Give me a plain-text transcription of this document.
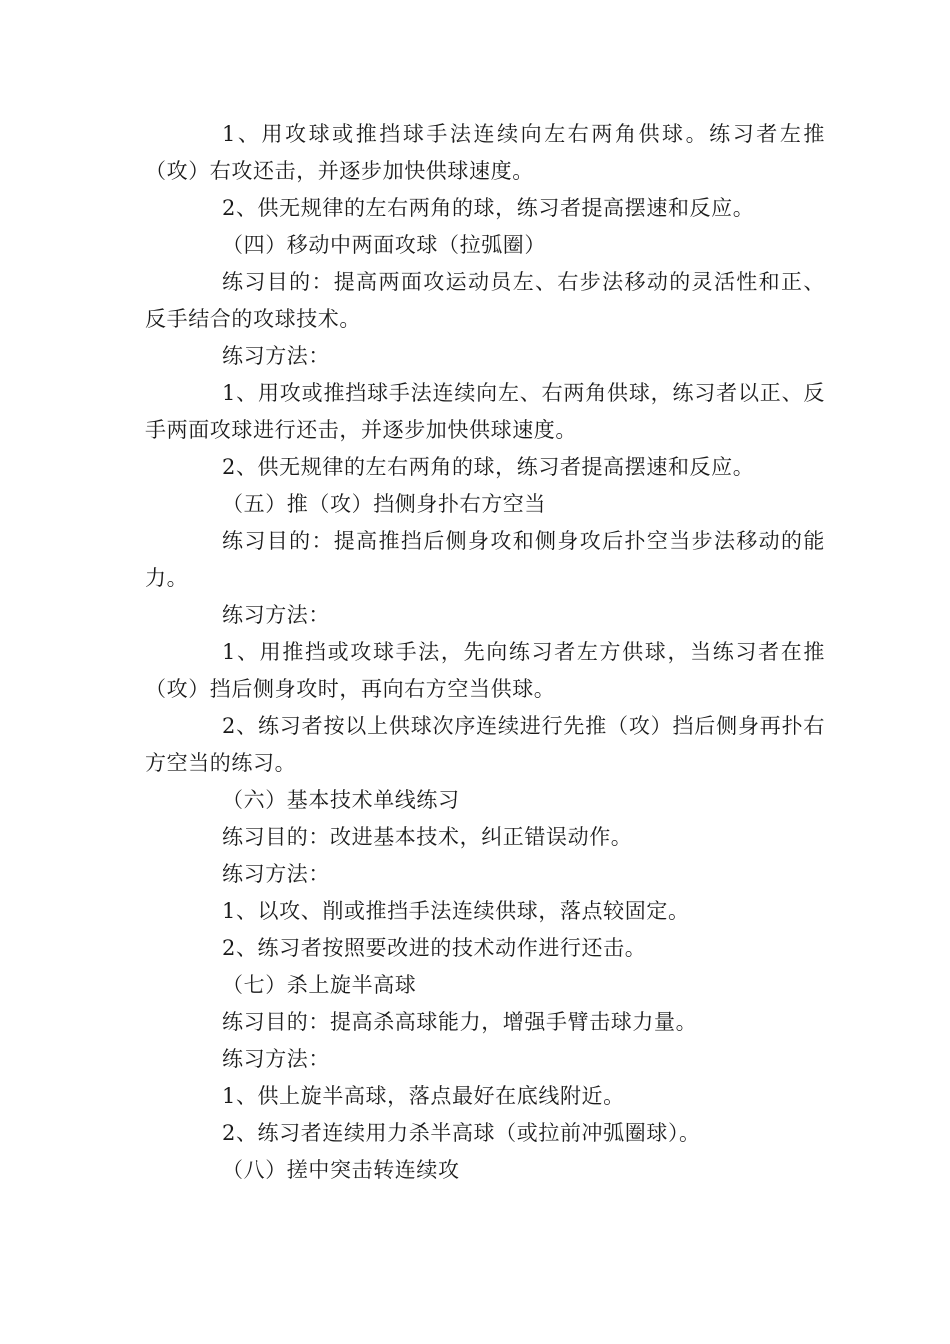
1、用攻球或推挡球手法连续向左右两角供球。练习者左推（攻）右攻还击，并逐步加快供球速度。

2、供无规律的左右两角的球，练习者提高摆速和反应。

（四）移动中两面攻球（拉弧圈）

练习目的：提高两面攻运动员左、右步法移动的灵活性和正、反手结合的攻球技术。

练习方法：

1、用攻或推挡球手法连续向左、右两角供球，练习者以正、反手两面攻球进行还击，并逐步加快供球速度。

2、供无规律的左右两角的球，练习者提高摆速和反应。

（五）推（攻）挡侧身扑右方空当

练习目的：提高推挡后侧身攻和侧身攻后扑空当步法移动的能力。

练习方法：

1、用推挡或攻球手法，先向练习者左方供球，当练习者在推（攻）挡后侧身攻时，再向右方空当供球。

2、练习者按以上供球次序连续进行先推（攻）挡后侧身再扑右方空当的练习。

（六）基本技术单线练习

练习目的：改进基本技术，纠正错误动作。

练习方法：

1、以攻、削或推挡手法连续供球，落点较固定。

2、练习者按照要改进的技术动作进行还击。

（七）杀上旋半高球

练习目的：提高杀高球能力，增强手臂击球力量。

练习方法：

1、供上旋半高球，落点最好在底线附近。

2、练习者连续用力杀半高球（或拉前冲弧圈球）。

（八）搓中突击转连续攻
